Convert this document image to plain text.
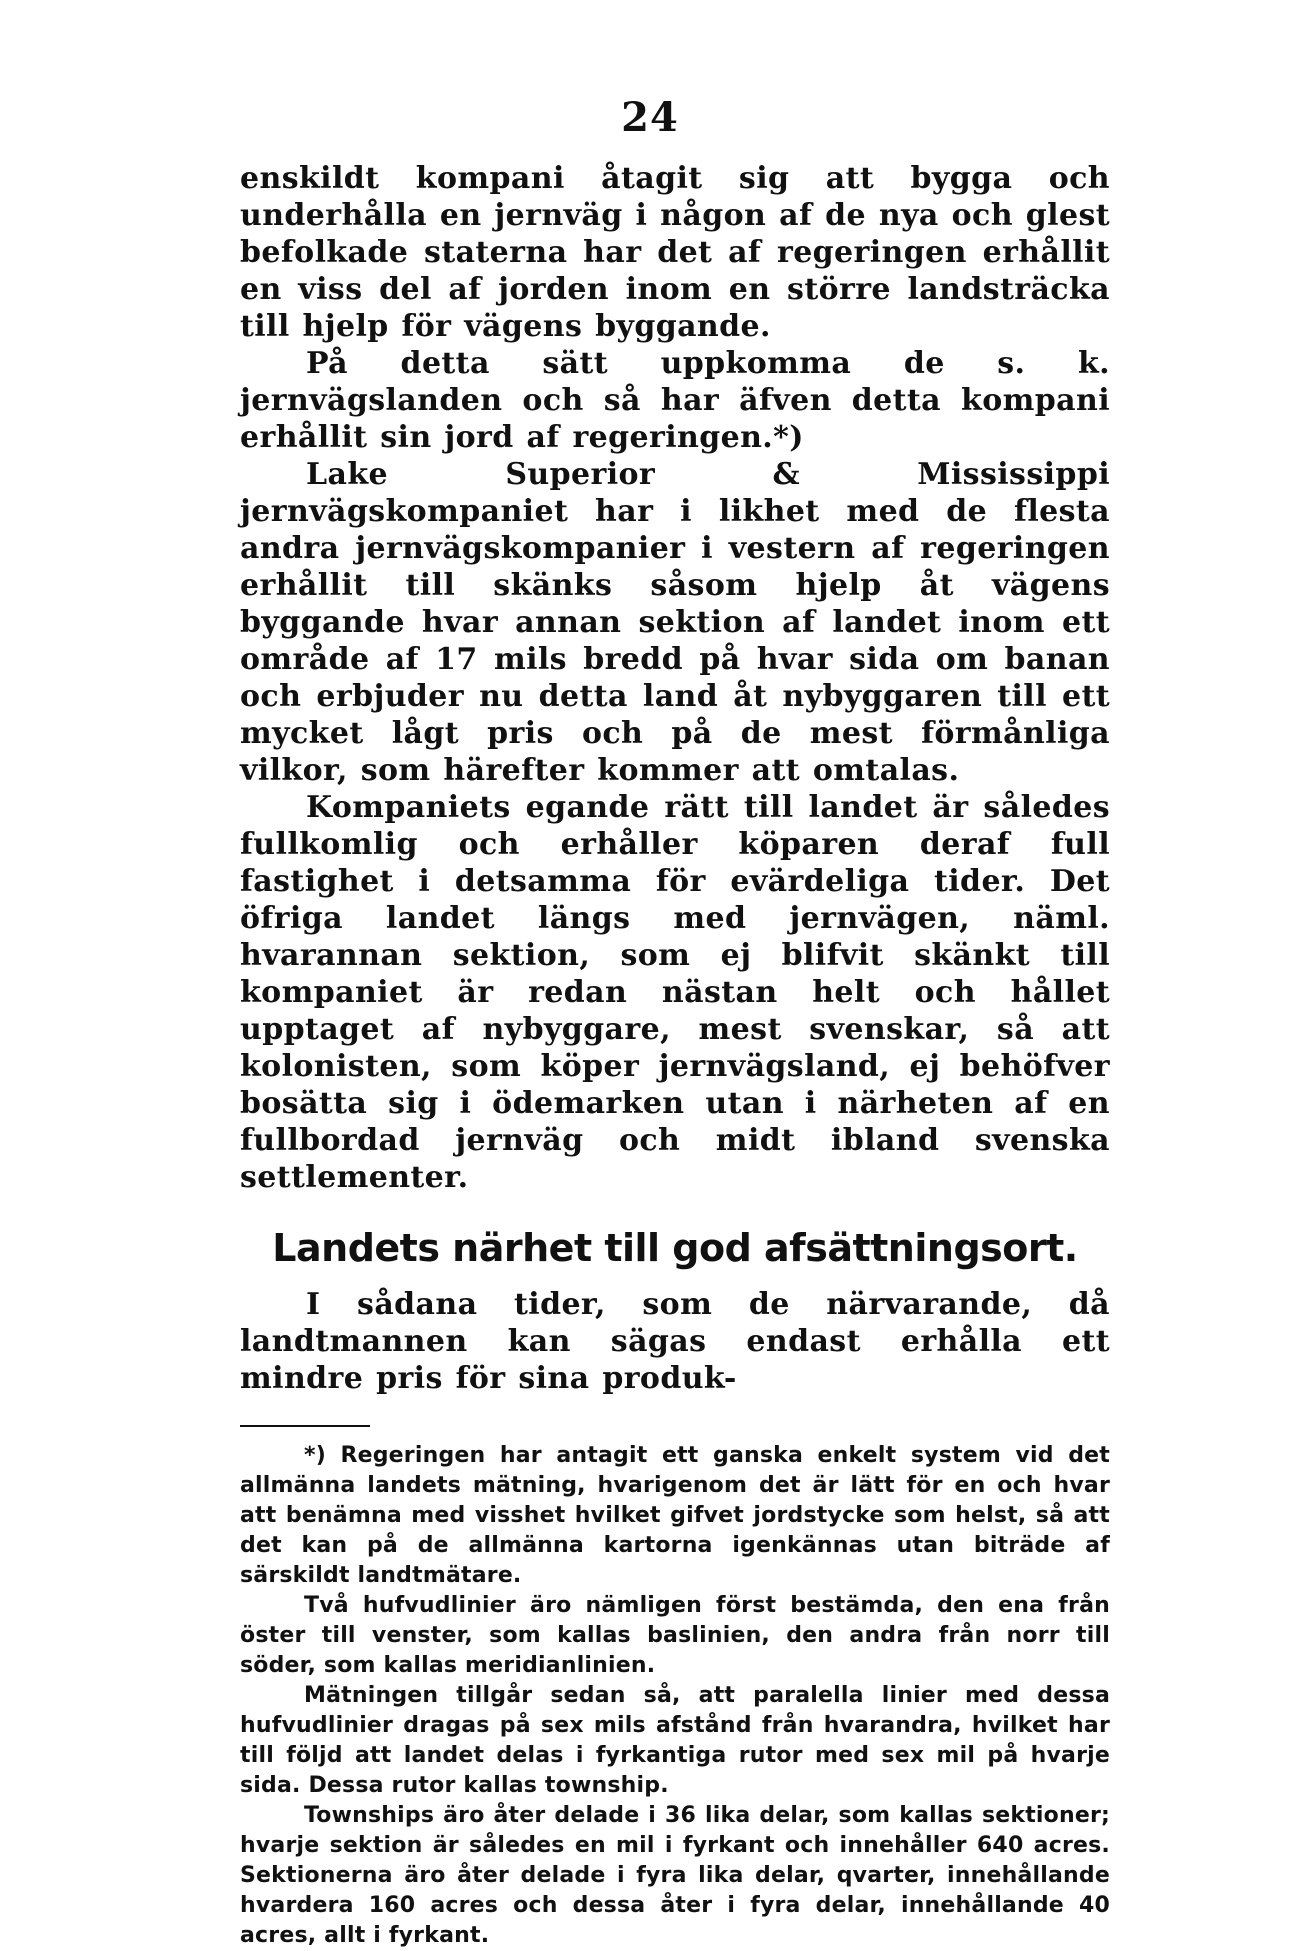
24

enskildt kompani åtagit sig att bygga och underhålla en jernväg i någon af de nya och glest befolkade staterna har det af regeringen erhållit en viss del af jorden inom en större landsträcka till hjelp för vägens byggande.

På detta sätt uppkomma de s. k. jernvägslanden och så har äfven detta kompani erhållit sin jord af regeringen.*)

Lake Superior & Mississippi jernvägskompaniet har i likhet med de flesta andra jernvägskompanier i vestern af regeringen erhållit till skänks såsom hjelp åt vägens byggande hvar annan sektion af landet inom ett område af 17 mils bredd på hvar sida om banan och erbjuder nu detta land åt nybyggaren till ett mycket lågt pris och på de mest förmånliga vilkor, som härefter kommer att omtalas.

Kompaniets egande rätt till landet är således fullkomlig och erhåller köparen deraf full fastighet i detsamma för evärdeliga tider. Det öfriga landet längs med jernvägen, näml. hvarannan sektion, som ej blifvit skänkt till kompaniet är redan nästan helt och hållet upptaget af nybyggare, mest svenskar, så att kolonisten, som köper jernvägsland, ej behöfver bosätta sig i ödemarken utan i närheten af en fullbordad jernväg och midt ibland svenska settlementer.

Landets närhet till god afsättningsort.

I sådana tider, som de närvarande, då landtmannen kan sägas endast erhålla ett mindre pris för sina produk-

*) Regeringen har antagit ett ganska enkelt system vid det allmänna landets mätning, hvarigenom det är lätt för en och hvar att benämna med visshet hvilket gifvet jordstycke som helst, så att det kan på de allmänna kartorna igenkännas utan biträde af särskildt landtmätare.

Två hufvudlinier äro nämligen först bestämda, den ena från öster till venster, som kallas baslinien, den andra från norr till söder, som kallas meridianlinien.

Mätningen tillgår sedan så, att paralella linier med dessa hufvudlinier dragas på sex mils afstånd från hvarandra, hvilket har till följd att landet delas i fyrkantiga rutor med sex mil på hvarje sida. Dessa rutor kallas township.

Townships äro åter delade i 36 lika delar, som kallas sektioner; hvarje sektion är således en mil i fyrkant och innehåller 640 acres. Sektionerna äro åter delade i fyra lika delar, qvarter, innehållande hvardera 160 acres och dessa åter i fyra delar, innehållande 40 acres, allt i fyrkant.
